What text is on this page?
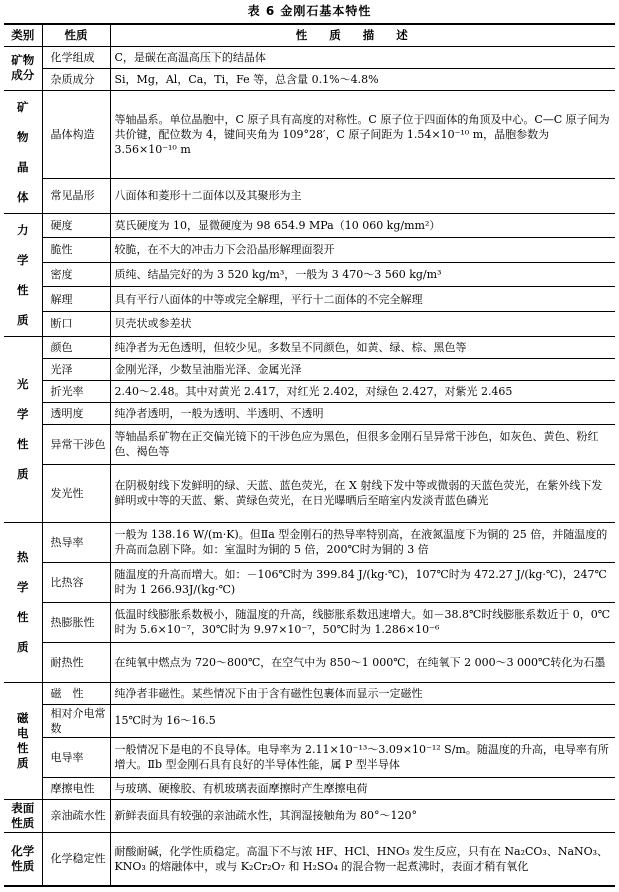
表 6 金刚石基本特性
类别	性质	性质描述
矿物成分	化学组成	C，是碳在高温高压下的结晶体
	杂质成分	Si，Mg，Al，Ca，Ti，Fe 等，总含量 0.1%～4.8%
矿物晶体	晶体构造	等轴晶系。单位晶胞中，C 原子具有高度的对称性。C 原子位于四面体的角顶及中心。C—C 原子间为共价键，配位数为 4，键间夹角为 109°28′，C 原子间距为 1.54×10⁻¹⁰ m，晶胞参数为 3.56×10⁻¹⁰ m
	常见晶形	八面体和菱形十二面体以及其聚形为主
力学性质	硬度	莫氏硬度为 10，显微硬度为 98 654.9 MPa（10 060 kg/mm²）
	脆性	较脆，在不大的冲击力下会沿晶形解理面裂开
	密度	质纯、结晶完好的为 3 520 kg/m³，一般为 3 470～3 560 kg/m³
	解理	具有平行八面体的中等或完全解理，平行十二面体的不完全解理
	断口	贝壳状或参差状
光学性质	颜色	纯净者为无色透明，但较少见。多数呈不同颜色，如黄、绿、棕、黑色等
	光泽	金刚光泽，少数呈油脂光泽、金属光泽
	折光率	2.40～2.48。其中对黄光 2.417，对红光 2.402，对绿色 2.427，对紫光 2.465
	透明度	纯净者透明，一般为透明、半透明、不透明
	异常干涉色	等轴晶系矿物在正交偏光镜下的干涉色应为黑色，但很多金刚石呈异常干涉色，如灰色、黄色、粉红色、褐色等
	发光性	在阴极射线下发鲜明的绿、天蓝、蓝色荧光，在 X 射线下发中等或微弱的天蓝色荧光，在紫外线下发鲜明或中等的天蓝、紫、黄绿色荧光，在日光曝晒后至暗室内发淡青蓝色磷光
热学性质	热导率	一般为 138.16 W/(m·K)。但Ⅱa 型金刚石的热导率特别高，在液氮温度下为铜的 25 倍，并随温度的升高而急剧下降。如：室温时为铜的 5 倍，200℃时为铜的 3 倍
	比热容	随温度的升高而增大。如：－106℃时为 399.84 J/(kg·℃)，107℃时为 472.27 J/(kg·℃)，247℃时为 1 266.93J/(kg·℃)
	热膨胀性	低温时线膨胀系数极小，随温度的升高，线膨胀系数迅速增大。如－38.8℃时线膨胀系数近于 0，0℃时为 5.6×10⁻⁷，30℃时为 9.97×10⁻⁷，50℃时为 1.286×10⁻⁶
	耐热性	在纯氧中燃点为 720～800℃，在空气中为 850～1 000℃，在纯氧下 2 000～3 000℃转化为石墨
磁电性质	磁　性	纯净者非磁性。某些情况下由于含有磁性包裹体而显示一定磁性
	相对介电常数	15℃时为 16～16.5
	电导率	一般情况下是电的不良导体。电导率为 2.11×10⁻¹³～3.09×10⁻¹² S/m。随温度的升高，电导率有所增大。Ⅱb 型金刚石具有良好的半导体性能，属 P 型半导体
	摩擦电性	与玻璃、硬橡胶、有机玻璃表面摩擦时产生摩擦电荷
表面性质	亲油疏水性	新鲜表面具有较强的亲油疏水性，其润湿接触角为 80°～120°
化学性质	化学稳定性	耐酸耐碱，化学性质稳定。高温下不与浓 HF、HCl、HNO₃ 发生反应，只有在 Na₂CO₃、NaNO₃、KNO₃ 的熔融体中，或与 K₂Cr₂O₇ 和 H₂SO₄ 的混合物一起煮沸时，表面才稍有氧化
